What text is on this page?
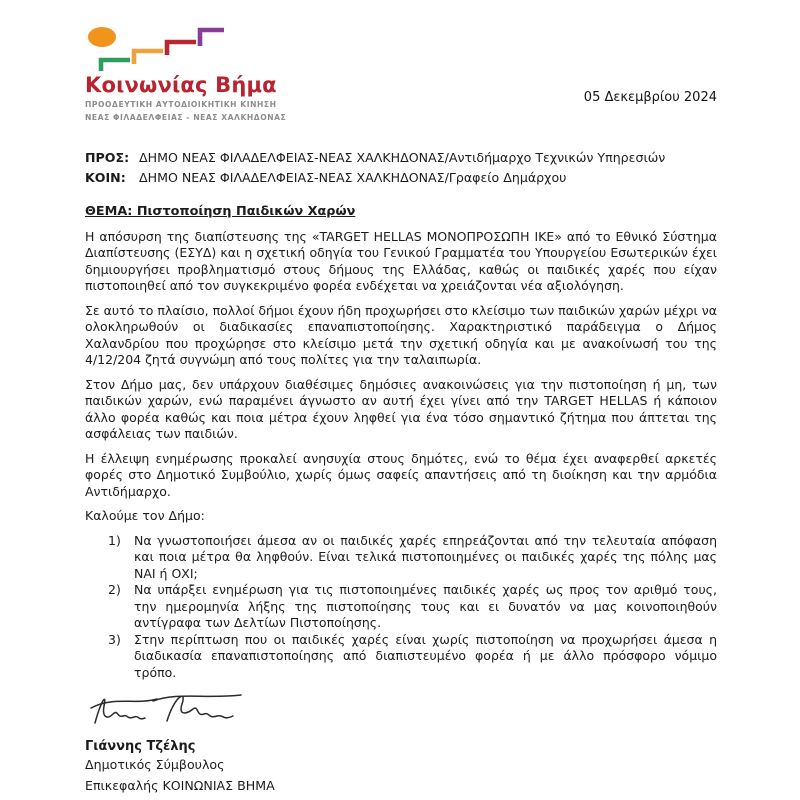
Κοινωνίας Βήμα
ΠΡΟΟΔΕΥΤΙΚΗ ΑΥΤΟΔΙΟΙΚΗΤΙΚΗ ΚΙΝΗΣΗ
ΝΕΑΣ ΦΙΛΑΔΕΛΦΕΙΑΣ - ΝΕΑΣ ΧΑΛΚΗΔΟΝΑΣ
05 Δεκεμβρίου 2024
ΠΡΟΣ: ΔΗΜΟ ΝΕΑΣ ΦΙΛΑΔΕΛΦΕΙΑΣ-ΝΕΑΣ ΧΑΛΚΗΔΟΝΑΣ/Αντιδήμαρχο Τεχνικών Υπηρεσιών
ΚΟΙΝ:	ΔΗΜΟ ΝΕΑΣ ΦΙΛΑΔΕΛΦΕΙΑΣ-ΝΕΑΣ ΧΑΛΚΗΔΟΝΑΣ/Γραφείο Δημάρχου
ΘΕΜΑ: Πιστοποίηση Παιδικών Χαρών

Η απόσυρση της διαπίστευσης της «TARGET HELLAS ΜΟΝΟΠΡΟΣΩΠΗ ΙΚΕ» από το Εθνικό Σύστημα Διαπίστευσης (ΕΣΥΔ) και η σχετική οδηγία του Γενικού Γραμματέα του Υπουργείου Εσωτερικών έχει δημιουργήσει προβληματισμό στους δήμους της Ελλάδας, καθώς οι παιδικές χαρές που είχαν πιστοποιηθεί από τον συγκεκριμένο φορέα ενδέχεται να χρειάζονται νέα αξιολόγηση.

Σε αυτό το πλαίσιο, πολλοί δήμοι έχουν ήδη προχωρήσει στο κλείσιμο των παιδικών χαρών μέχρι να ολοκληρωθούν οι διαδικασίες επαναπιστοποίησης. Χαρακτηριστικό παράδειγμα ο Δήμος Χαλανδρίου που προχώρησε στο κλείσιμο μετά την σχετική οδηγία και με ανακοίνωσή του της 4/12/204 ζητά συγνώμη από τους πολίτες για την ταλαιπωρία.

Στον Δήμο μας, δεν υπάρχουν διαθέσιμες δημόσιες ανακοινώσεις για την πιστοποίηση ή μη, των παιδικών χαρών, ενώ παραμένει άγνωστο αν αυτή έχει γίνει από την TARGET HELLAS ή κάποιον άλλο φορέα καθώς και ποια μέτρα έχουν ληφθεί για ένα τόσο σημαντικό ζήτημα που άπτεται της ασφάλειας των παιδιών.

Η έλλειψη ενημέρωσης προκαλεί ανησυχία στους δημότες, ενώ το θέμα έχει αναφερθεί αρκετές φορές στο Δημοτικό Συμβούλιο, χωρίς όμως σαφείς απαντήσεις από τη διοίκηση και την αρμόδια Αντιδήμαρχο.

Καλούμε τον Δήμο:

1)	Να γνωστοποιήσει άμεσα αν οι παιδικές χαρές επηρεάζονται από την τελευταία απόφαση και ποια μέτρα θα ληφθούν. Είναι τελικά πιστοποιημένες οι παιδικές χαρές της πόλης μας ΝΑΙ ή ΟΧΙ;
2)	Να υπάρξει ενημέρωση για τις πιστοποιημένες παιδικές χαρές ως προς τον αριθμό τους, την ημερομηνία λήξης της πιστοποίησης τους και ει δυνατόν να μας κοινοποιηθούν αντίγραφα των Δελτίων Πιστοποίησης.
3)	Στην περίπτωση που οι παιδικές χαρές είναι χωρίς πιστοποίηση να προχωρήσει άμεσα η διαδικασία επαναπιστοποίησης από διαπιστευμένο φορέα ή με άλλο πρόσφορο νόμιμο τρόπο.
Γιάννης Τζέλης
Δημοτικός Σύμβουλος
Επικεφαλής ΚΟΙΝΩΝΙΑΣ ΒΗΜΑ
